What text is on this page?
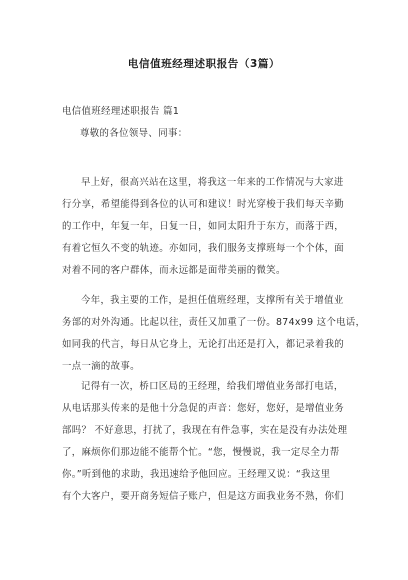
电信值班经理述职报告（3篇）
电信值班经理述职报告 篇1
尊敬的各位领导、同事：
早上好，很高兴站在这里，将我这一年来的工作情况与大家进
行分享，希望能得到各位的认可和建议！时光穿梭于我们每天辛勤
的工作中，年复一年，日复一日，如同太阳升于东方，而落于西，
有着它恒久不变的轨迹。亦如同，我们服务支撑班每一个个体，面
对着不同的客户群体，而永远都是面带美丽的微笑。
今年，我主要的工作，是担任值班经理，支撑所有关于增值业
务部的对外沟通。比起以往，责任又加重了一份。874x99 这个电话，
如同我的代言，每日从它身上，无论打出还是打入，都记录着我的
一点一滴的故事。
记得有一次，桥口区局的王经理，给我们增值业务部打电话，
从电话那头传来的是他十分急促的声音：您好，您好，是增值业务
部吗？ 不好意思，打扰了，我现在有件急事，实在是没有办法处理
了，麻烦你们那边能不能帮个忙。“您，慢慢说，我一定尽全力帮
你。”听到他的求助，我迅速给予他回应。王经理又说：“我这里
有个大客户，要开商务短信子账户，但是这方面我业务不熟，你们
